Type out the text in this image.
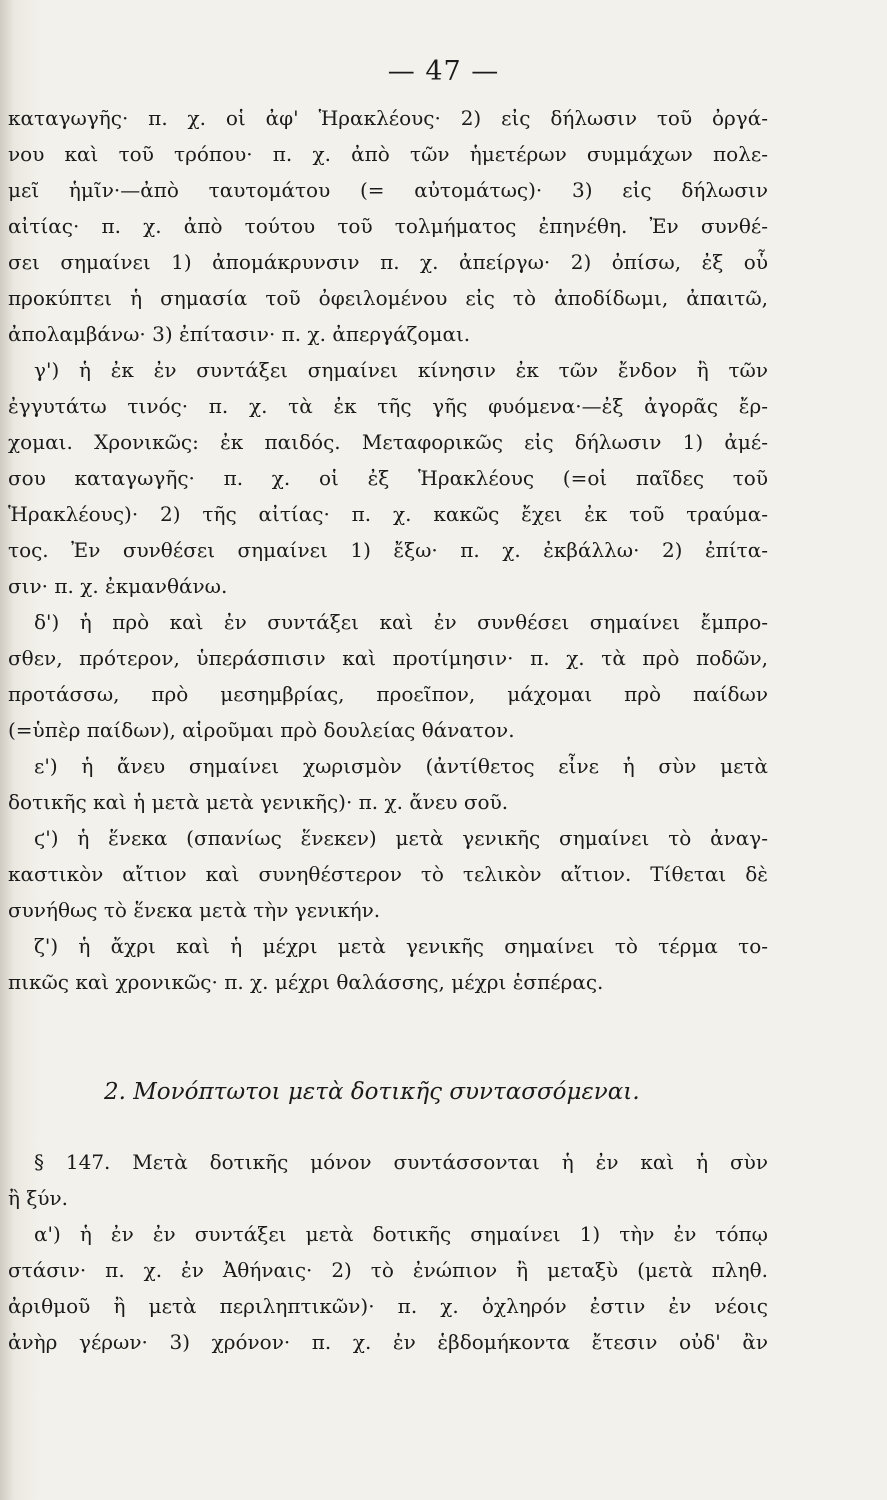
— 47 —
καταγωγῆς· π. χ. οἱ ἀφ' Ἡρακλέους· 2) εἰς δήλωσιν τοῦ ὀργά-
νου καὶ τοῦ τρόπου· π. χ. ἀπὸ τῶν ἡμετέρων συμμάχων πολε-
μεῖ ἡμῖν·—ἀπὸ ταυτομάτου (= αὐτομάτως)· 3) εἰς δήλωσιν
αἰτίας· π. χ. ἀπὸ τούτου τοῦ τολμήματος ἐπηνέθη. Ἐν συνθέ-
σει σημαίνει 1) ἀπομάκρυνσιν π. χ. ἀπείργω· 2) ὀπίσω, ἐξ οὗ
προκύπτει ἡ σημασία τοῦ ὀφειλομένου εἰς τὸ ἀποδίδωμι, ἀπαιτῶ,
ἀπολαμβάνω· 3) ἐπίτασιν· π. χ. ἀπεργάζομαι.
γ') ἡ ἐκ ἐν συντάξει σημαίνει κίνησιν ἐκ τῶν ἔνδον ἢ τῶν
ἐγγυτάτω τινός· π. χ. τὰ ἐκ τῆς γῆς φυόμενα·—ἐξ ἀγορᾶς ἔρ-
χομαι. Χρονικῶς: ἐκ παιδός. Μεταφορικῶς εἰς δήλωσιν 1) ἀμέ-
σου καταγωγῆς· π. χ. οἱ ἐξ Ἡρακλέους (=οἱ παῖδες τοῦ
Ἡρακλέους)· 2) τῆς αἰτίας· π. χ. κακῶς ἔχει ἐκ τοῦ τραύμα-
τος. Ἐν συνθέσει σημαίνει 1) ἔξω· π. χ. ἐκβάλλω· 2) ἐπίτα-
σιν· π. χ. ἐκμανθάνω.
δ') ἡ πρὸ καὶ ἐν συντάξει καὶ ἐν συνθέσει σημαίνει ἔμπρο-
σθεν, πρότερον, ὑπεράσπισιν καὶ προτίμησιν· π. χ. τὰ πρὸ ποδῶν,
προτάσσω, πρὸ μεσημβρίας, προεῖπον, μάχομαι πρὸ παίδων
(=ὑπὲρ παίδων), αἱροῦμαι πρὸ δουλείας θάνατον.
ε') ἡ ἄνευ σημαίνει χωρισμὸν (ἀντίθετος εἶνε ἡ σὺν μετὰ
δοτικῆς καὶ ἡ μετὰ μετὰ γενικῆς)· π. χ. ἄνευ σοῦ.
ϛ') ἡ ἕνεκα (σπανίως ἕνεκεν) μετὰ γενικῆς σημαίνει τὸ ἀναγ-
καστικὸν αἴτιον καὶ συνηθέστερον τὸ τελικὸν αἴτιον. Τίθεται δὲ
συνήθως τὸ ἕνεκα μετὰ τὴν γενικήν.
ζ') ἡ ἄχρι καὶ ἡ μέχρι μετὰ γενικῆς σημαίνει τὸ τέρμα το-
πικῶς καὶ χρονικῶς· π. χ. μέχρι θαλάσσης, μέχρι ἑσπέρας.
2. Μονόπτωτοι μετὰ δοτικῆς συντασσόμεναι.
§ 147. Μετὰ δοτικῆς μόνον συντάσσονται ἡ ἐν καὶ ἡ σὺν
ἢ ξύν.
α') ἡ ἐν ἐν συντάξει μετὰ δοτικῆς σημαίνει 1) τὴν ἐν τόπῳ
στάσιν· π. χ. ἐν Ἀθήναις· 2) τὸ ἐνώπιον ἢ μεταξὺ (μετὰ πληθ.
ἀριθμοῦ ἢ μετὰ περιληπτικῶν)· π. χ. ὀχληρόν ἐστιν ἐν νέοις
ἀνὴρ γέρων· 3) χρόνον· π. χ. ἐν ἑβδομήκοντα ἔτεσιν οὐδ' ἂν
